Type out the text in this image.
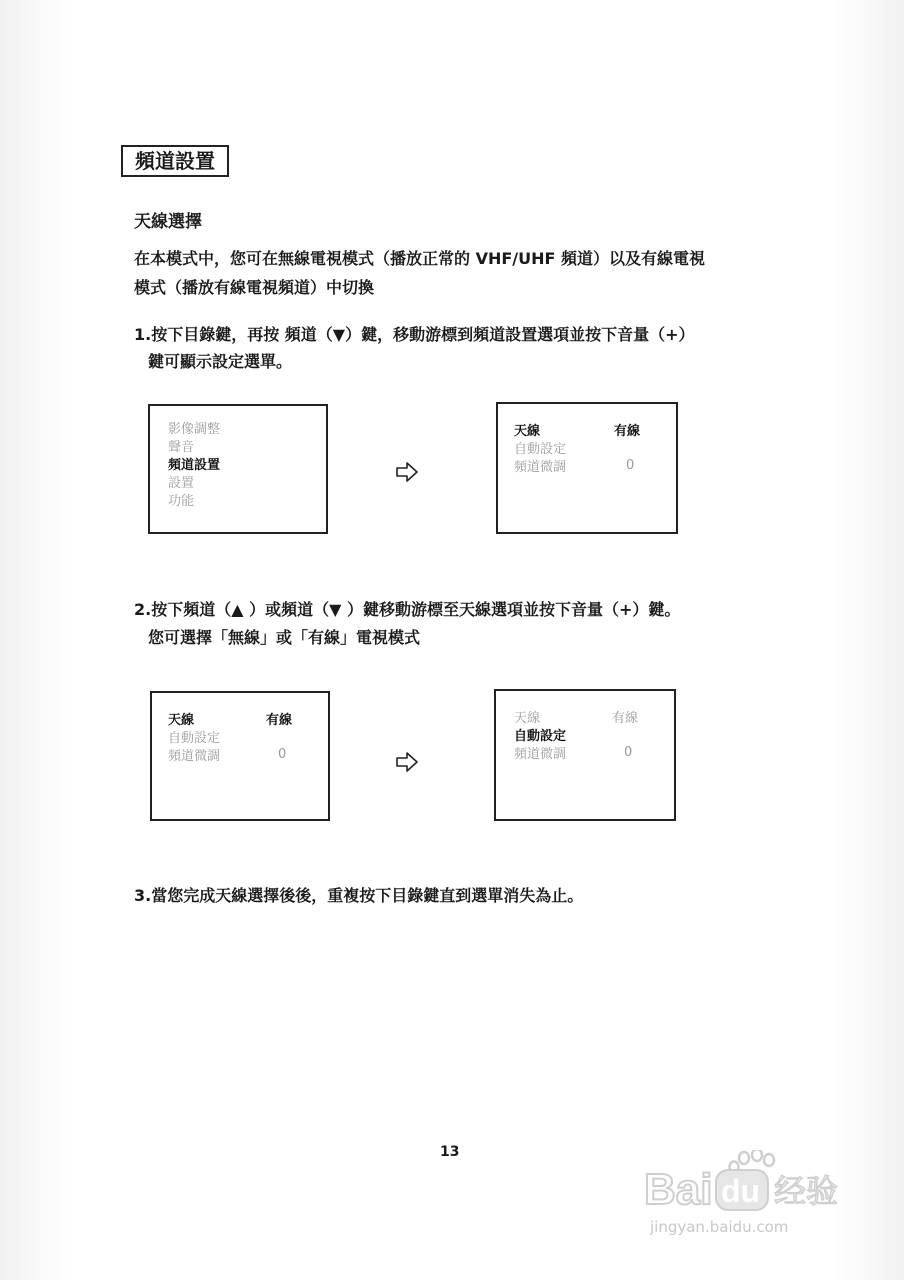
頻道設置
天線選擇
在本模式中，您可在無線電視模式（播放正常的 VHF/UHF 頻道）以及有線電視
模式（播放有線電視頻道）中切換
1.按下目錄鍵，再按 頻道（▼）鍵，移動游標到頻道設置選項並按下音量（+）
鍵可顯示設定選單。
影像調整
聲音
頻道設置
設置
功能
天線	有線
自動設定
頻道微調	0
2.按下頻道（▲ ）或頻道（▼ ）鍵移動游標至天線選項並按下音量（+）鍵。
您可選擇「無線」或「有線」電視模式
天線	有線
自動設定
頻道微調	0
天線	有線
自動設定
頻道微調	0
3.當您完成天線選擇後後，重複按下目錄鍵直到選單消失為止。
13
Bai du 经验
jingyan.baidu.com
